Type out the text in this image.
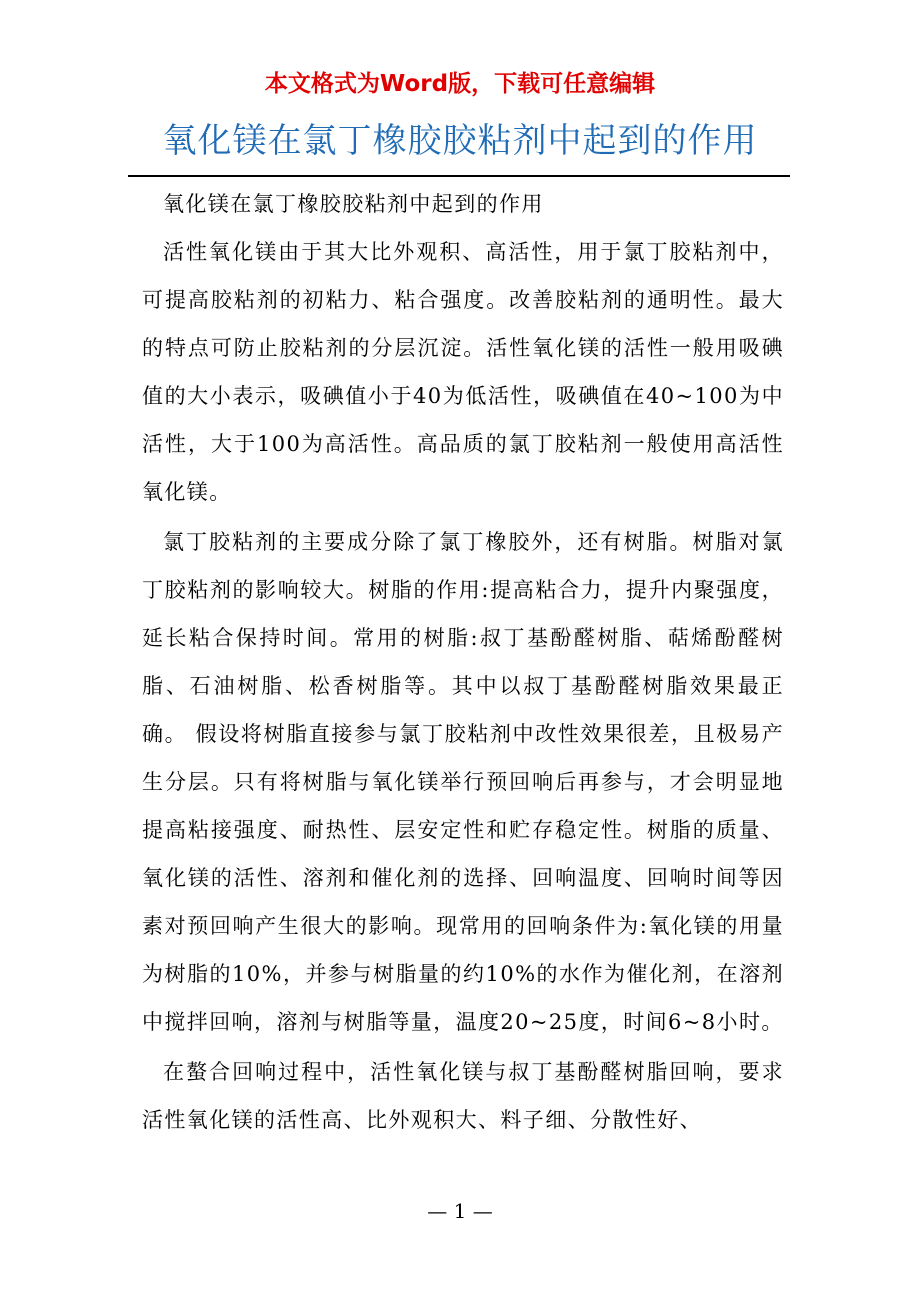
本文格式为Word版，下载可任意编辑
氧化镁在氯丁橡胶胶粘剂中起到的作用

氧化镁在氯丁橡胶胶粘剂中起到的作用

活性氧化镁由于其大比外观积、高活性，用于氯丁胶粘剂中，可提高胶粘剂的初粘力、粘合强度。改善胶粘剂的通明性。最大的特点可防止胶粘剂的分层沉淀。活性氧化镁的活性一般用吸碘值的大小表示，吸碘值小于40为低活性，吸碘值在40~100为中活性，大于100为高活性。高品质的氯丁胶粘剂一般使用高活性氧化镁。

氯丁胶粘剂的主要成分除了氯丁橡胶外，还有树脂。树脂对氯丁胶粘剂的影响较大。树脂的作用:提高粘合力，提升内聚强度，延长粘合保持时间。常用的树脂:叔丁基酚醛树脂、萜烯酚醛树脂、石油树脂、松香树脂等。其中以叔丁基酚醛树脂效果最正确。 假设将树脂直接参与氯丁胶粘剂中改性效果很差，且极易产生分层。只有将树脂与氧化镁举行预回响后再参与，才会明显地提高粘接强度、耐热性、层安定性和贮存稳定性。树脂的质量、氧化镁的活性、溶剂和催化剂的选择、回响温度、回响时间等因素对预回响产生很大的影响。现常用的回响条件为:氧化镁的用量为树脂的10%，并参与树脂量的约10%的水作为催化剂，在溶剂中搅拌回响，溶剂与树脂等量，温度20~25度，时间6~8小时。

在螯合回响过程中，活性氧化镁与叔丁基酚醛树脂回响，要求活性氧化镁的活性高、比外观积大、料子细、分散性好、

— 1 —
